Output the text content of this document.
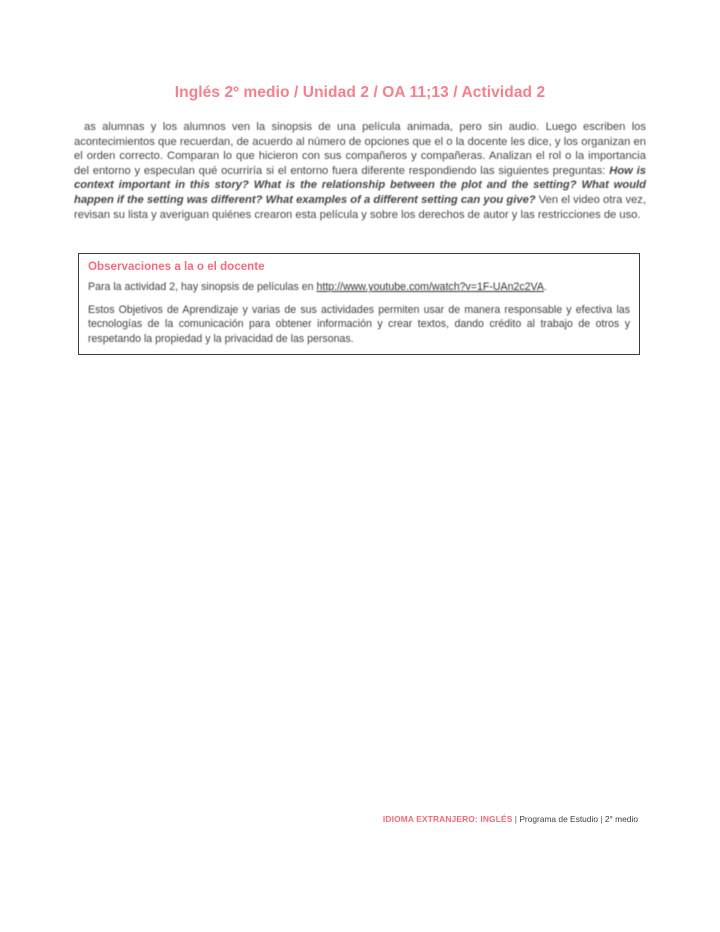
Inglés 2º medio / Unidad 2 / OA 11;13 / Actividad 2

as alumnas y los alumnos ven la sinopsis de una película animada, pero sin audio. Luego escriben los acontecimientos que recuerdan, de acuerdo al número de opciones que el o la docente les dice, y los organizan en el orden correcto. Comparan lo que hicieron con sus compañeros y compañeras. Analizan el rol o la importancia del entorno y especulan qué ocurriría si el entorno fuera diferente respondiendo las siguientes preguntas: How is context important in this story? What is the relationship between the plot and the setting? What would happen if the setting was different? What examples of a different setting can you give? Ven el video otra vez, revisan su lista y averiguan quiénes crearon esta película y sobre los derechos de autor y las restricciones de uso.

Observaciones a la o el docente

Para la actividad 2, hay sinopsis de películas en http://www.youtube.com/watch?v=1F-UAn2c2VA.

Estos Objetivos de Aprendizaje y varias de sus actividades permiten usar de manera responsable y efectiva las tecnologías de la comunicación para obtener información y crear textos, dando crédito al trabajo de otros y respetando la propiedad y la privacidad de las personas.

IDIOMA EXTRANJERO: INGLÉS | Programa de Estudio | 2° medio
